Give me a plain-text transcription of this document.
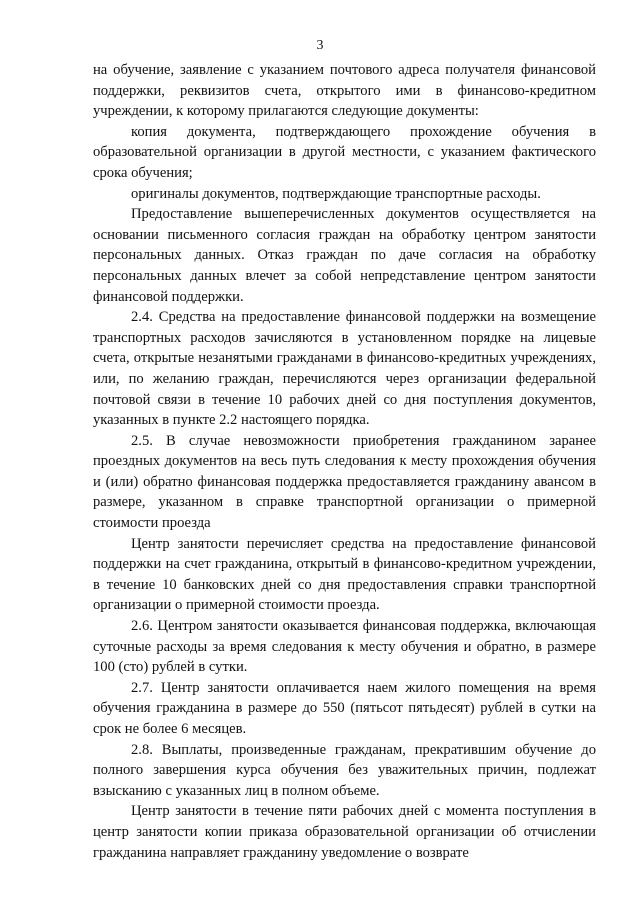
3

на обучение, заявление с указанием почтового адреса получателя финансовой поддержки, реквизитов счета, открытого ими в финансово-кредитном учреждении, к которому прилагаются следующие документы:

копия документа, подтверждающего прохождение обучения в образовательной организации в другой местности, с указанием фактического срока обучения;

оригиналы документов, подтверждающие транспортные расходы.

Предоставление вышеперечисленных документов осуществляется на основании письменного согласия граждан на обработку центром занятости персональных данных. Отказ граждан по даче согласия на обработку персональных данных влечет за собой непредставление центром занятости финансовой поддержки.

2.4. Средства на предоставление финансовой поддержки на возмещение транспортных расходов зачисляются в установленном порядке на лицевые счета, открытые незанятыми гражданами в финансово-кредитных учреждениях, или, по желанию граждан, перечисляются через организации федеральной почтовой связи в течение 10 рабочих дней со дня поступления документов, указанных в пункте 2.2 настоящего порядка.

2.5. В случае невозможности приобретения гражданином заранее проездных документов на весь путь следования к месту прохождения обучения и (или) обратно финансовая поддержка предоставляется гражданину авансом в размере, указанном в справке транспортной организации о примерной стоимости проезда

Центр занятости перечисляет средства на предоставление финансовой поддержки на счет гражданина, открытый в финансово-кредитном учреждении, в течение 10 банковских дней со дня предоставления справки транспортной организации о примерной стоимости проезда.

2.6. Центром занятости оказывается финансовая поддержка, включающая суточные расходы за время следования к месту обучения и обратно, в размере 100 (сто) рублей в сутки.

2.7. Центр занятости оплачивается наем жилого помещения на время обучения гражданина в размере до 550 (пятьсот пятьдесят) рублей в сутки на срок не более 6 месяцев.

2.8. Выплаты, произведенные гражданам, прекратившим обучение до полного завершения курса обучения без уважительных причин, подлежат взысканию с указанных лиц в полном объеме.

Центр занятости в течение пяти рабочих дней с момента поступления в центр занятости копии приказа образовательной организации об отчислении гражданина направляет гражданину уведомление о возврате
